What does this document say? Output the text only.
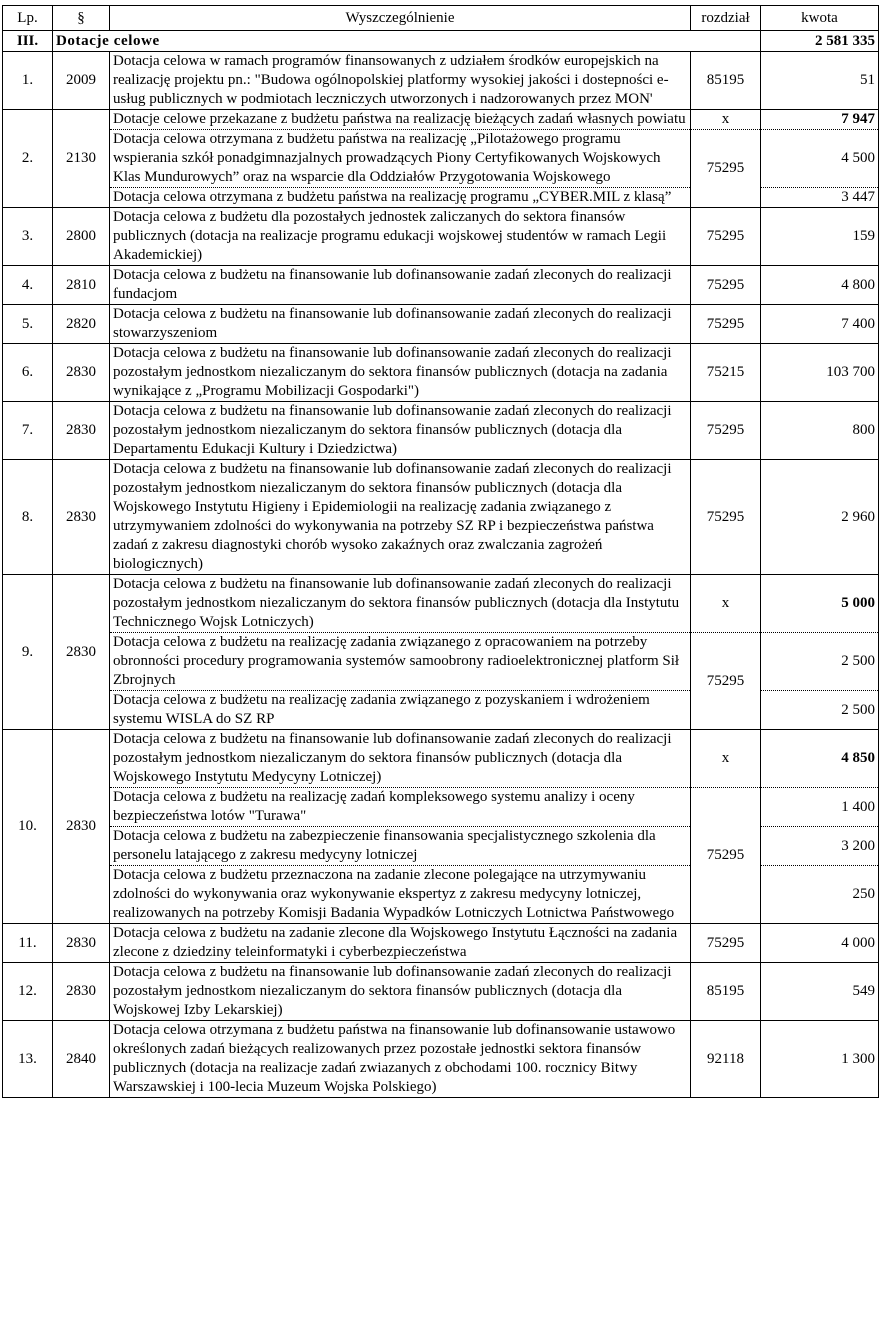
Lp.	§	Wyszczególnienie	rozdział	kwota
III.	Dotacje celowe			2 581 335
1.	2009	Dotacja celowa w ramach programów finansowanych z udziałem środków europejskich na realizację projektu pn.: "Budowa ogólnopolskiej platformy wysokiej jakości i dostepności e-usług publicznych w podmiotach leczniczych utworzonych i nadzorowanych przez MON'	85195	51
2.	2130	Dotacje celowe przekazane z budżetu państwa na realizację bieżących zadań własnych powiatu	x	7 947
		Dotacja celowa otrzymana z budżetu państwa na realizację „Pilotażowego programu wspierania szkół ponadgimnazjalnych prowadzących Piony Certyfikowanych Wojskowych Klas Mundurowych” oraz na wsparcie dla Oddziałów Przygotowania Wojskowego	75295	4 500
		Dotacja celowa otrzymana z budżetu państwa na realizację programu „CYBER.MIL z klasą”		3 447
3.	2800	Dotacja celowa z budżetu dla pozostałych jednostek zaliczanych do sektora finansów publicznych (dotacja na realizacje programu edukacji wojskowej studentów w ramach Legii Akademickiej)	75295	159
4.	2810	Dotacja celowa z budżetu na finansowanie lub dofinansowanie zadań zleconych do realizacji fundacjom	75295	4 800
5.	2820	Dotacja celowa z budżetu na finansowanie lub dofinansowanie zadań zleconych do realizacji stowarzyszeniom	75295	7 400
6.	2830	Dotacja celowa z budżetu na finansowanie lub dofinansowanie zadań zleconych do realizacji pozostałym jednostkom niezaliczanym do sektora finansów publicznych (dotacja na zadania wynikające z „Programu Mobilizacji Gospodarki")	75215	103 700
7.	2830	Dotacja celowa z budżetu na finansowanie lub dofinansowanie zadań zleconych do realizacji pozostałym jednostkom niezaliczanym do sektora finansów publicznych (dotacja dla Departamentu Edukacji Kultury i Dziedzictwa)	75295	800
8.	2830	Dotacja celowa z budżetu na finansowanie lub dofinansowanie zadań zleconych do realizacji pozostałym jednostkom niezaliczanym do sektora finansów publicznych (dotacja dla Wojskowego Instytutu Higieny i Epidemiologii na realizację zadania związanego z utrzymywaniem zdolności do wykonywania na potrzeby SZ RP i bezpieczeństwa państwa zadań z zakresu diagnostyki chorób wysoko zakaźnych oraz zwalczania zagrożeń biologicznych)	75295	2 960
9.	2830	Dotacja celowa z budżetu na finansowanie lub dofinansowanie zadań zleconych do realizacji pozostałym jednostkom niezaliczanym do sektora finansów publicznych (dotacja dla Instytutu Technicznego Wojsk Lotniczych)	x	5 000
		Dotacja celowa z budżetu na realizację zadania związanego z opracowaniem na potrzeby obronności procedury programowania systemów samoobrony radioelektronicznej platform Sił Zbrojnych	75295	2 500
		Dotacja celowa z budżetu na realizację zadania związanego z pozyskaniem i wdrożeniem systemu WISLA do SZ RP		2 500
10.	2830	Dotacja celowa z budżetu na finansowanie lub dofinansowanie zadań zleconych do realizacji pozostałym jednostkom niezaliczanym do sektora finansów publicznych (dotacja dla Wojskowego Instytutu Medycyny Lotniczej)	x	4 850
		Dotacja celowa z budżetu na realizację zadań kompleksowego systemu analizy i oceny bezpieczeństwa lotów "Turawa"	75295	1 400
		Dotacja celowa z budżetu na zabezpieczenie finansowania specjalistycznego szkolenia dla personelu latającego z zakresu medycyny lotniczej		3 200
		Dotacja celowa z budżetu przeznaczona na zadanie zlecone polegające na utrzymywaniu zdolności do wykonywania oraz wykonywanie ekspertyz z zakresu medycyny lotniczej, realizowanych na potrzeby Komisji Badania Wypadków Lotniczych Lotnictwa Państwowego		250
11.	2830	Dotacja celowa z budżetu na zadanie zlecone dla Wojskowego Instytutu Łączności na zadania zlecone z dziedziny teleinformatyki i cyberbezpieczeństwa	75295	4 000
12.	2830	Dotacja celowa z budżetu na finansowanie lub dofinansowanie zadań zleconych do realizacji pozostałym jednostkom niezaliczanym do sektora finansów publicznych (dotacja dla Wojskowej Izby Lekarskiej)	85195	549
13.	2840	Dotacja celowa otrzymana z budżetu państwa na finansowanie lub dofinansowanie ustawowo określonych zadań bieżących realizowanych przez pozostałe jednostki sektora finansów publicznych (dotacja na realizacje zadań zwiazanych z obchodami 100. rocznicy Bitwy Warszawskiej i 100-lecia Muzeum Wojska Polskiego)	92118	1 300
